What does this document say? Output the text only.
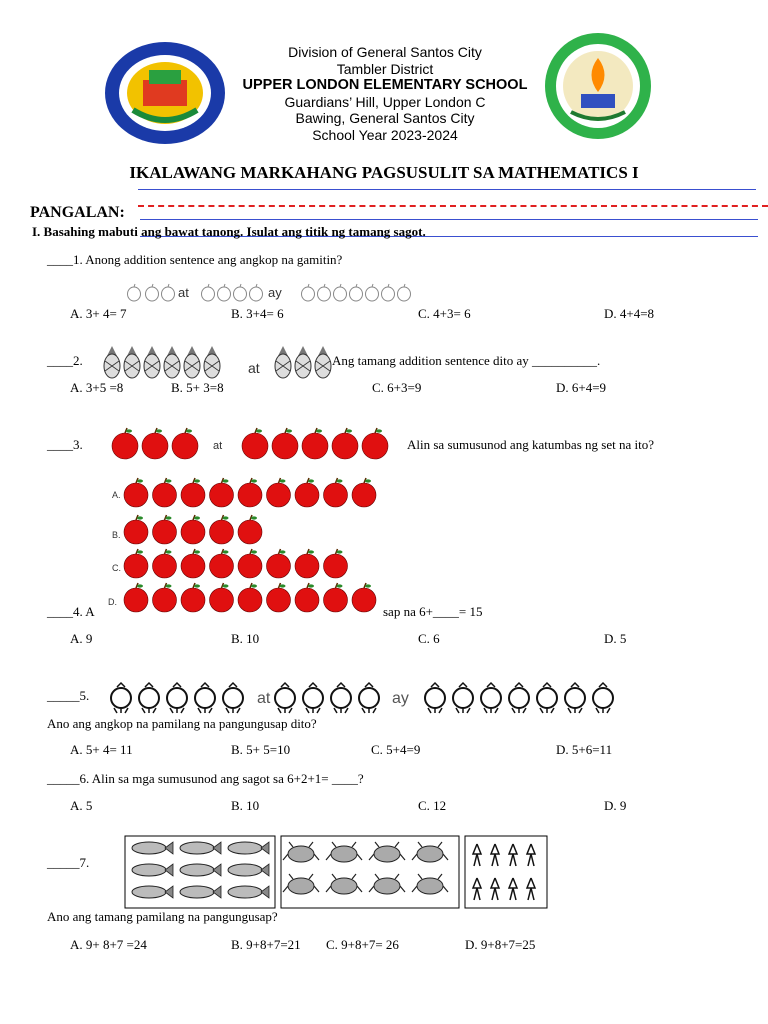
Division of General Santos City
Tambler District
UPPER LONDON ELEMENTARY SCHOOL
Guardians’ Hill, Upper London C
Bawing, General Santos City
School Year 2023-2024
IKALAWANG MARKAHANG PAGSUSULIT SA MATHEMATICS I
PANGALAN:
I. Basahing mabuti ang bawat tanong. Isulat ang titik ng tamang sagot.
____1. Anong addition sentence ang angkop na gamitin?
at	ay
A. 3+ 4= 7	B. 3+4= 6	C. 4+3= 6	D. 4+4=8
____2.	at	Ang tamang addition sentence dito ay __________.
A. 3+5 =8	B. 5+ 3=8	C. 6+3=9	D. 6+4=9
____3.	at	Alin sa sumusunod ang katumbas ng set na ito?
A.
B.
C.
D.
____4. A	sap na 6+____= 15
A. 9	B. 10	C. 6	D. 5
_____5.	at	ay
Ano ang angkop na pamilang na pangungusap dito?
A. 5+ 4= 11	B. 5+ 5=10	C. 5+4=9	D. 5+6=11
_____6. Alin sa mga sumusunod ang sagot sa 6+2+1= ____?
A. 5	B. 10	C. 12	D. 9
_____7.
Ano ang tamang pamilang na pangungusap?
A. 9+ 8+7 =24	B. 9+8+7=21 C. 9+8+7= 26	D. 9+8+7=25
